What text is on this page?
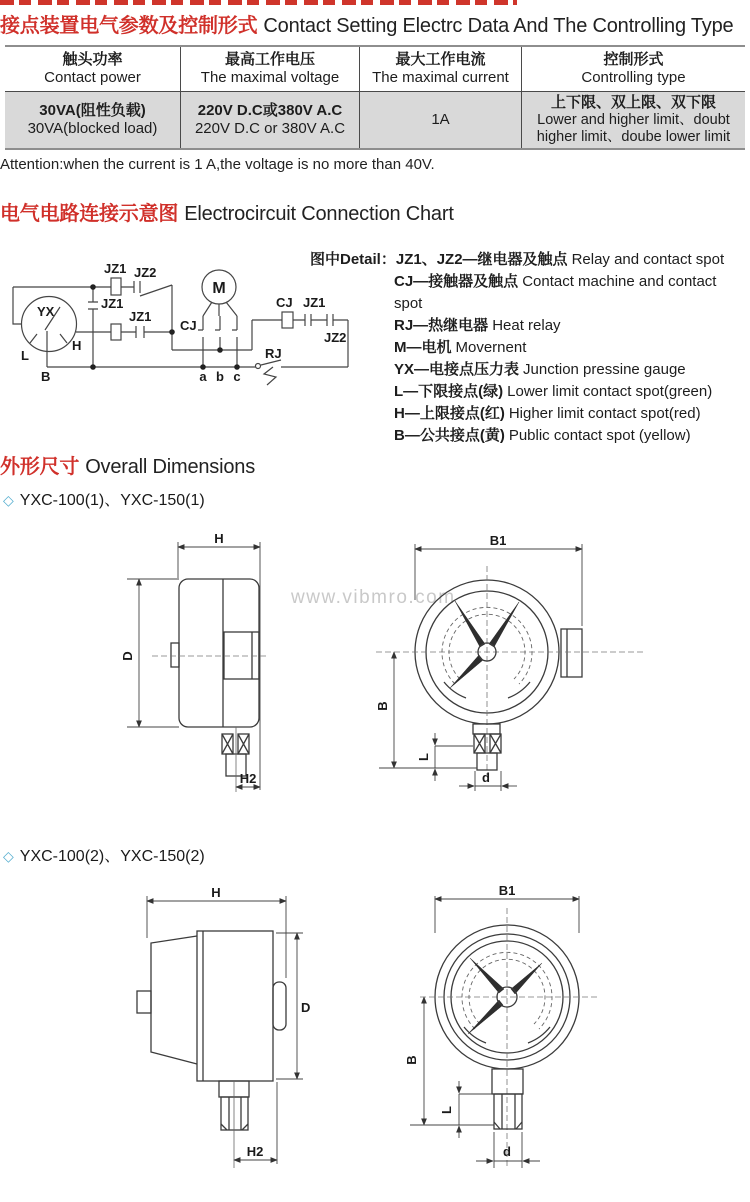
接点装置电气参数及控制形式 Contact Setting Electrc Data And The Controlling Type
触头功率
Contact power
最高工作电压
The maximal voltage
最大工作电流
The maximal current
控制形式
Controlling type
30VA(阻性负载)
30VA(blocked load)
220V D.C或380V A.C
220V D.C or 380V A.C
1A
上下限、双上限、双下限
Lower and higher limit、doubt higher limit、doube lower limit
Attention:when the current is 1 A,the voltage is no more than 40V.
电气电路连接示意图 Electrocircuit Connection Chart
JZ1 JZ2
JZ1
JZ1
CJ
M
a b c
CJ JZ1
JZ2
RJ
YX
L
H
B
图中Detail：JZ1、JZ2—继电器及触点 Relay and contact spot
CJ—接触器及触点 Contact machine and contact spot
RJ—热继电器 Heat relay
M—电机 Movernent
YX—电接点压力表 Junction pressine gauge
L—下限接点(绿) Lower limit contact spot(green)
H—上限接点(红) Higher limit contact spot(red)
B—公共接点(黄) Public contact spot (yellow)
外形尺寸 Overall Dimensions
◇ YXC-100(1)、YXC-150(1)
www.vibmro.com
H
D
H2
B1
B
L
d
◇ YXC-100(2)、YXC-150(2)
H
D
H2
B1
B
L
d
